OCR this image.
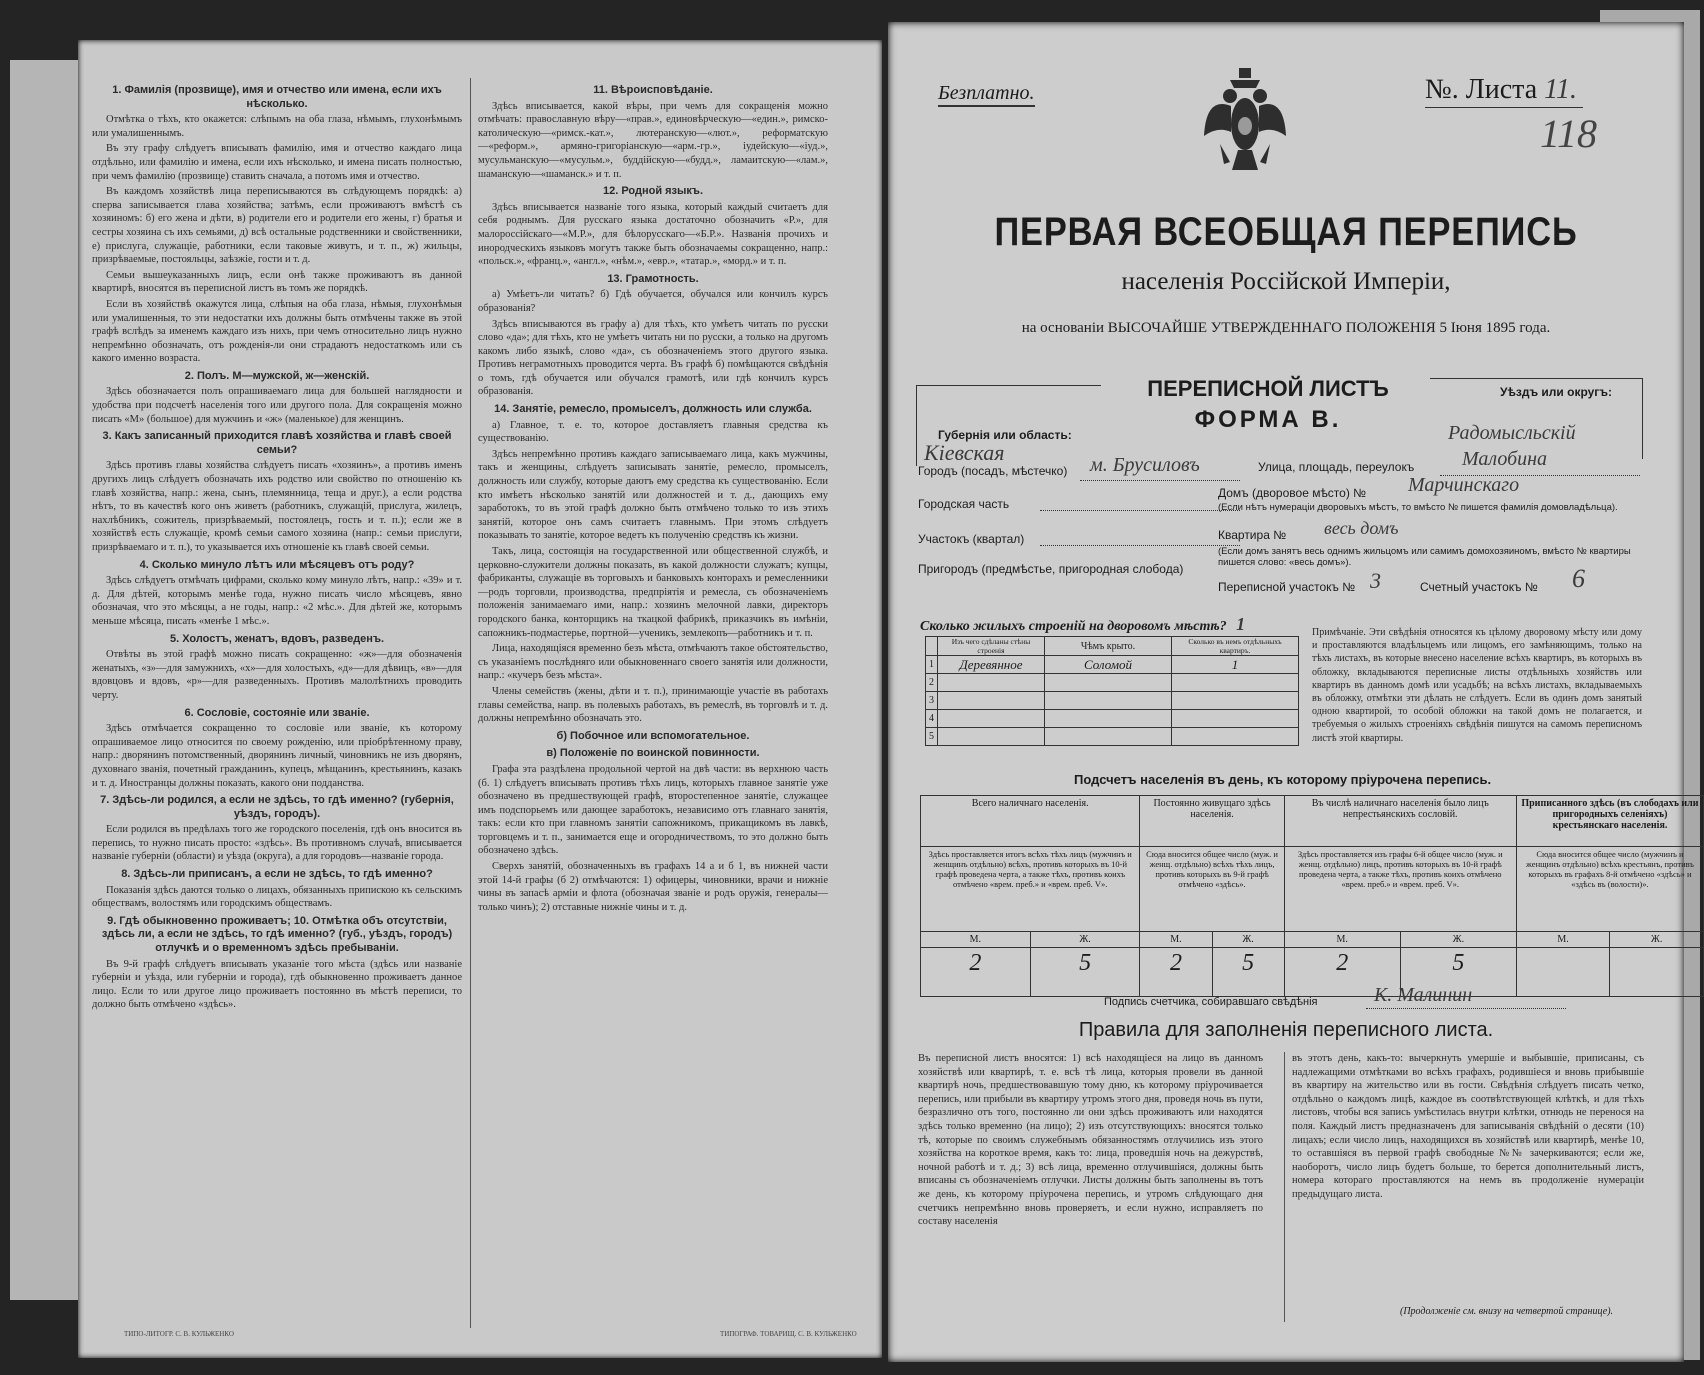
1. Фамилія (прозвище), имя и отчество или имена, если ихъ нѣсколько.

Отмѣтка о тѣхъ, кто окажется: слѣпымъ на оба глаза, нѣмымъ, глухонѣмымъ или умалишеннымъ.

Въ эту графу слѣдуетъ вписывать фамилію, имя и отчество каждаго лица отдѣльно, или фамилію и имена, если ихъ нѣсколько, и имена писать полностью, при чемъ фамилію (прозвище) ставить сначала, а потомъ имя и отчество.

Въ каждомъ хозяйствѣ лица переписываются въ слѣдующемъ порядкѣ: а) сперва записывается глава хозяйства; затѣмъ, если проживаютъ вмѣстѣ съ хозяиномъ: б) его жена и дѣти, в) родители его и родители его жены, г) братья и сестры хозяина съ ихъ семьями, д) всѣ остальные родственники и свойственники, е) прислуга, служащіе, работники, если таковые живутъ, и т. п., ж) жильцы, призрѣваемые, постояльцы, заѣзжіе, гости и т. д.

Семьи вышеуказанныхъ лицъ, если онѣ также проживаютъ въ данной квартирѣ, вносятся въ переписной листъ въ томъ же порядкѣ.

Если въ хозяйствѣ окажутся лица, слѣпыя на оба глаза, нѣмыя, глухонѣмыя или умалишенныя, то эти недостатки ихъ должны быть отмѣчены также въ этой графѣ вслѣдъ за именемъ каждаго изъ нихъ, при чемъ относительно лицъ нужно непремѣнно обозначать, отъ рожденія-ли они страдаютъ недостаткомъ или съ какого именно возраста.

2. Полъ. М—мужской, ж—женскій.

Здѣсь обозначается полъ опрашиваемаго лица для большей наглядности и удобства при подсчетѣ населенія того или другого пола. Для сокращенія можно писать «М» (большое) для мужчинъ и «ж» (маленькое) для женщинъ.

3. Какъ записанный приходится главѣ хозяйства и главѣ своей семьи?

Здѣсь противъ главы хозяйства слѣдуетъ писать «хозяинъ», а противъ именъ другихъ лицъ слѣдуетъ обозначать ихъ родство или свойство по отношенію къ главѣ хозяйства, напр.: жена, сынъ, племянница, теща и друг.), а если родства нѣтъ, то въ качествѣ кого онъ живетъ (работникъ, служащій, прислуга, жилецъ, нахлѣбникъ, сожитель, призрѣваемый, постоялецъ, гость и т. п.); если же в хозяйствѣ есть служащіе, кромѣ семьи самого хозяина (напр.: семьи прислуги, призрѣваемаго и т. п.), то указывается ихъ отношеніе къ главѣ своей семьи.

4. Сколько минуло лѣтъ или мѣсяцевъ отъ роду?

Здѣсь слѣдуетъ отмѣчать цифрами, сколько кому минуло лѣтъ, напр.: «39» и т. д. Для дѣтей, которымъ менѣе года, нужно писать число мѣсяцевъ, явно обозначая, что это мѣсяцы, а не годы, напр.: «2 мѣс.». Для дѣтей же, которымъ меньше мѣсяца, писать «менѣе 1 мѣс.».

5. Холостъ, женатъ, вдовъ, разведенъ.

Отвѣты въ этой графѣ можно писать сокращенно: «ж»—для обозначенія женатыхъ, «з»—для замужнихъ, «х»—для холостыхъ, «д»—для дѣвицъ, «в»—для вдовцовъ и вдовъ, «р»—для разведенныхъ. Противъ малолѣтнихъ проводить черту.

6. Сословіе, состояніе или званіе.

Здѣсь отмѣчается сокращенно то сословіе или званіе, къ которому опрашиваемое лицо относится по своему рожденію, или пріобрѣтенному праву, напр.: дворянинъ потомственный, дворянинъ личный, чиновникъ не изъ дворянъ, духовнаго званія, почетный гражданинъ, купецъ, мѣщанинъ, крестьянинъ, казакъ и т. д. Иностранцы должны показать, какого они подданства.

7. Здѣсь-ли родился, а если не здѣсь, то гдѣ именно? (губернія, уѣздъ, городъ).

Если родился въ предѣлахъ того же городского поселенія, гдѣ онъ вносится въ перепись, то нужно писать просто: «здѣсь». Въ противномъ случаѣ, вписывается названіе губерніи (области) и уѣзда (округа), а для городовъ—названіе города.

8. Здѣсь-ли приписанъ, а если не здѣсь, то гдѣ именно?

Показанія здѣсь даются только о лицахъ, обязанныхъ припискою къ сельскимъ обществамъ, волостямъ или городскимъ обществамъ.

9. Гдѣ обыкновенно проживаетъ; 10. Отмѣтка объ отсутствіи, здѣсь ли, а если не здѣсь, то гдѣ именно? (губ., уѣздъ, городъ) отлучкѣ и о временномъ здѣсь пребываніи.

Въ 9-й графѣ слѣдуетъ вписывать указаніе того мѣста (здѣсь или названіе губерніи и уѣзда, или губерніи и города), гдѣ обыкновенно проживаетъ данное лицо. Если то или другое лицо проживаетъ постоянно въ мѣстѣ переписи, то должно быть отмѣчено «здѣсь».

11. Вѣроисповѣданіе.

Здѣсь вписывается, какой вѣры, при чемъ для сокращенія можно отмѣчать: православную вѣру—«прав.», единовѣрческую—«един.», римско-католическую—«римск.-кат.», лютеранскую—«лют.», реформатскую—«реформ.», армяно-григоріанскую—«арм.-гр.», іудейскую—«іуд.», мусульманскую—«мусульм.», буддійскую—«будд.», ламаитскую—«лам.», шаманскую—«шаманск.» и т. п.

12. Родной языкъ.

Здѣсь вписывается названіе того языка, который каждый считаетъ для себя роднымъ. Для русскаго языка достаточно обозначить «Р.», для малороссійскаго—«М.Р.», для бѣлорусскаго—«Б.Р.». Названія прочихъ и инородческихъ языковъ могутъ также быть обозначаемы сокращенно, напр.: «польск.», «франц.», «англ.», «нѣм.», «евр.», «татар.», «морд.» и т. п.

13. Грамотность.

а) Умѣетъ-ли читать? б) Гдѣ обучается, обучался или кончилъ курсъ образованія?

Здѣсь вписываются въ графу а) для тѣхъ, кто умѣетъ читать по русски слово «да»; для тѣхъ, кто не умѣетъ читать ни по русски, а только на другомъ какомъ либо языкѣ, слово «да», съ обозначеніемъ этого другого языка. Противъ неграмотныхъ проводится черта. Въ графѣ б) помѣщаются свѣдѣнія о томъ, гдѣ обучается или обучался грамотѣ, или гдѣ кончилъ курсъ образованія.

14. Занятіе, ремесло, промыселъ, должность или служба.

а) Главное, т. е. то, которое доставляетъ главныя средства къ существованію.

Здѣсь непремѣнно противъ каждаго записываемаго лица, какъ мужчины, такъ и женщины, слѣдуетъ записывать занятіе, ремесло, промыселъ, должность или службу, которые даютъ ему средства къ существованію. Если кто имѣетъ нѣсколько занятій или должностей и т. д., дающихъ ему заработокъ, то въ этой графѣ должно быть отмѣчено только то изъ этихъ занятій, которое онъ самъ считаетъ главнымъ. При этомъ слѣдуетъ показывать то занятіе, которое ведетъ къ полученію средствъ къ жизни.

Такъ, лица, состоящія на государственной или общественной службѣ, и церковно-служители должны показать, въ какой должности служатъ; купцы, фабриканты, служащіе въ торговыхъ и банковыхъ конторахъ и ремесленники—родъ торговли, производства, предпріятія и ремесла, съ обозначеніемъ положенія занимаемаго ими, напр.: хозяинъ мелочной лавки, директоръ городского банка, конторщикъ на ткацкой фабрикѣ, приказчикъ въ имѣніи, сапожникъ-подмастерье, портной—ученикъ, землекопъ—работникъ и т. п.

Лица, находящіяся временно безъ мѣста, отмѣчаютъ такое обстоятельство, съ указаніемъ послѣдняго или обыкновеннаго своего занятія или должности, напр.: «кучеръ безъ мѣста».

Члены семействъ (жены, дѣти и т. п.), принимающіе участіе въ работахъ главы семейства, напр. въ полевыхъ работахъ, въ ремеслѣ, въ торговлѣ и т. д. должны непремѣнно обозначать это.

б) Побочное или вспомогательное.
в) Положеніе по воинской повинности.

Графа эта раздѣлена продольной чертой на двѣ части: въ верхнюю часть (б. 1) слѣдуетъ вписывать противъ тѣхъ лицъ, которыхъ главное занятіе уже обозначено въ предшествующей графѣ, второстепенное занятіе, служащее имъ подспорьемъ или дающее заработокъ, независимо отъ главнаго занятія, такъ: если кто при главномъ занятіи сапожникомъ, прикащикомъ въ лавкѣ, торговцемъ и т. п., занимается еще и огородничествомъ, то это должно быть обозначено здѣсь.

Сверхъ занятій, обозначенныхъ въ графахъ 14 а и б 1, въ нижней части этой 14-й графы (б 2) отмѣчаются: 1) офицеры, чиновники, врачи и нижніе чины въ запасѣ арміи и флота (обозначая званіе и родъ оружія, генералы—только чинъ); 2) отставные нижніе чины и т. д.

ТИПО-ЛИТОГР. С. В. КУЛЬЖЕНКО	ТИПОГРАФ. ТОВАРИЩ. С. В. КУЛЬЖЕНКО
Безплатно.	№. Листа 11.
118
ПЕРВАЯ ВСЕОБЩАЯ ПЕРЕПИСЬ
населенія Россійской Имперіи,
на основаніи ВЫСОЧАЙШЕ УТВЕРЖДЕННАГО ПОЛОЖЕНІЯ 5 Іюня 1895 года.
Губернія или область:
Кіевская
ПЕРЕПИСНОЙ ЛИСТЪ
ФОРМА В.
Уѣздъ или округъ:
Радомысльскій
Городъ (посадъ, мѣстечко) м. Брусиловъ	Улица, площадь, переулокъ Малобина
Городская часть
Домъ (дворовое мѣсто) № Марчинскаго
(Если нѣтъ нумераціи дворовыхъ мѣстъ, то вмѣсто № пишется фамилія домовладѣльца).
Участокъ (квартал)	Квартира № весь домъ
(Если домъ занятъ весь однимъ жильцомъ или самимъ домохозяиномъ, вмѣсто № квартиры пишется слово: «весь домъ»).
Пригородъ (предмѣстье, пригородная слобода)
Переписной участокъ № 3	Счетный участокъ № 6
Сколько жилыхъ строеній на дворовомъ мѣстѣ? 1
	Изъ чего сдѣланы стѣны строенія	Чѣмъ крыто.	Сколько въ немъ отдѣльныхъ квартиръ.
1	Деревянное	Соломой	1
2			
3			
4			
5			
Примѣчаніе. Эти свѣдѣнія относятся къ цѣлому дворовому мѣсту или дому и проставляются владѣльцемъ или лицомъ, его замѣняющимъ, только на тѣхъ листахъ, въ которые внесено население всѣхъ квартиръ, въ которыхъ въ обложку, вкладываются переписные листы отдѣльныхъ хозяйствъ или квартиръ въ данномъ домѣ или усадьбѣ; на всѣхъ листахъ, вкладываемыхъ въ обложку, отмѣтки эти дѣлать не слѣдуетъ. Если въ одинъ домъ занятый одною квартирой, то особой обложки на такой домъ не полагается, и требуемыя о жилыхъ строеніяхъ свѣдѣнія пишутся на самомъ переписномъ листѣ этой квартиры.
Подсчетъ населенія въ день, къ которому пріурочена перепись.
Всего наличнаго населенія.		Постоянно живущаго здѣсь населенія.		Въ числѣ наличнаго населенія было лицъ непрестьянскихъ сословій.		Приписанного здѣсь (въ слободахъ или пригородныхъ селеніяхъ) крестьянскаго населенія.	
Здѣсь проставляется итогъ всѣхъ тѣхъ лицъ (мужчинъ и женщинъ отдѣльно) всѣхъ, противъ которыхъ въ 10-й графѣ проведена черта, а также тѣхъ, противъ коихъ отмѣчено «врем. преб.» и «врем. преб. V».		Сюда вносится общее число (муж. и женщ. отдѣльно) всѣхъ тѣхъ лицъ, противъ которыхъ въ 9-й графѣ отмѣчено «здѣсь».		Здѣсь проставляется изъ графы 6-й общее число (муж. и женщ. отдѣльно) лицъ, противъ которыхъ въ 10-й графѣ проведена черта, а также тѣхъ, противъ коихъ отмѣчено «врем. преб.» и «врем. преб. V».		Сюда вносится общее число (мужчинъ и женщинъ отдѣльно) всѣхъ крестьянъ, противъ которыхъ въ графахъ 8-й отмѣчено «здѣсь» и «здѣсь въ (волости)».	
М.	Ж.	М.	Ж.	М.	Ж.	М.	Ж.
2	5	2	5	2	5		
Подпись счетчика, собиравшаго свѣдѣнія	К. Малинин
Правила для заполненія переписного листа.
Въ переписной листъ вносятся: 1) всѣ находящіеся на лицо въ данномъ хозяйствѣ или квартирѣ, т. е. всѣ тѣ лица, которыя провели въ данной квартирѣ ночь, предшествовавшую тому дню, къ которому пріурочивается перепись, или прибыли въ квартиру утромъ этого дня, проведя ночь въ пути, безразлично отъ того, постоянно ли они здѣсь проживаютъ или находятся здѣсь только временно (на лицо); 2) изъ отсутствующихъ: вносятся только тѣ, которые по своимъ служебнымъ обязанностямъ отлучились изъ этого хозяйства на короткое время, какъ то: лица, проведшія ночь на дежурствѣ, ночной работѣ и т. д.; 3) всѣ лица, временно отлучившіяся, должны быть вписаны съ обозначеніемъ отлучки. Листы должны быть заполнены въ тотъ же день, къ которому пріурочена перепись, и утромъ слѣдующаго дня счетчикъ непремѣнно вновь проверяетъ, и если нужно, исправляетъ по составу населенія
въ этотъ день, какъ-то: вычеркнуть умершіе и выбывшіе, приписаны, съ надлежащими отмѣтками во всѣхъ графахъ, родившіеся и вновь прибывшіе въ квартиру на жительство или въ гости. Свѣдѣнія слѣдуетъ писать четко, отдѣльно о каждомъ лицѣ, каждое въ соотвѣтствующей клѣткѣ, и для тѣхъ листовъ, чтобы вся запись умѣстилась внутри клѣтки, отнюдь не перенося на поля. Каждый листъ предназначенъ для записыванія свѣдѣній о десяти (10) лицахъ; если число лицъ, находящихся въ хозяйствѣ или квартирѣ, менѣе 10, то оставшіяся въ первой графѣ свободные №№ зачеркиваются; если же, наоборотъ, число лицъ будетъ больше, то берется дополнительный листъ, номера котораго проставляются на немъ въ продолженіе нумераціи предыдущаго листа.
(Продолженіе см. внизу на четвертой странице).
